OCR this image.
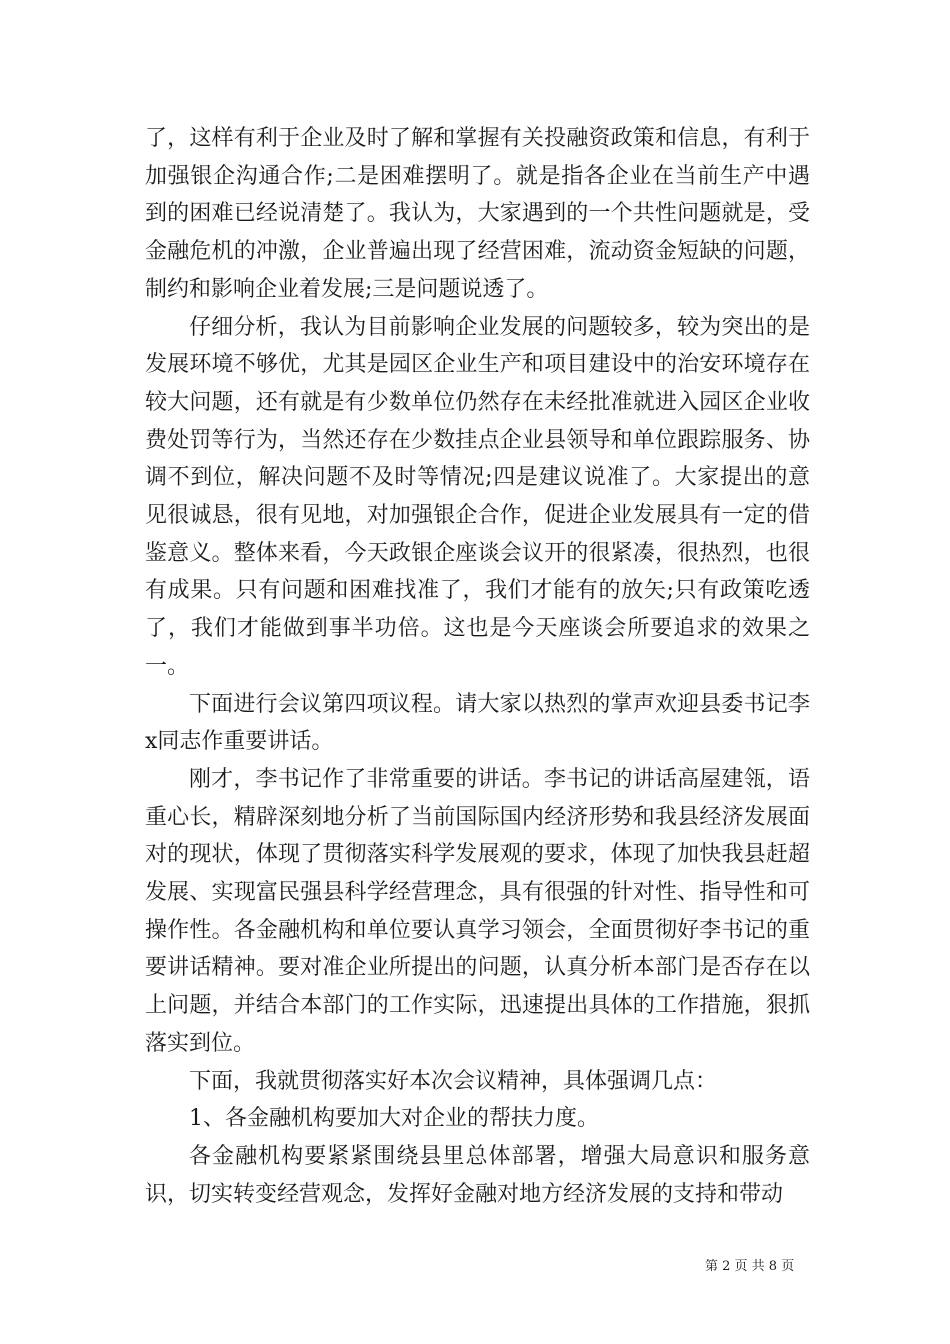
了，这样有利于企业及时了解和掌握有关投融资政策和信息，有利于加强银企沟通合作;二是困难摆明了。就是指各企业在当前生产中遇到的困难已经说清楚了。我认为，大家遇到的一个共性问题就是，受金融危机的冲激，企业普遍出现了经营困难，流动资金短缺的问题，制约和影响企业着发展;三是问题说透了。

仔细分析，我认为目前影响企业发展的问题较多，较为突出的是发展环境不够优，尤其是园区企业生产和项目建设中的治安环境存在较大问题，还有就是有少数单位仍然存在未经批准就进入园区企业收费处罚等行为，当然还存在少数挂点企业县领导和单位跟踪服务、协调不到位，解决问题不及时等情况;四是建议说准了。大家提出的意见很诚恳，很有见地，对加强银企合作，促进企业发展具有一定的借鉴意义。整体来看，今天政银企座谈会议开的很紧凑，很热烈，也很有成果。只有问题和困难找准了，我们才能有的放矢;只有政策吃透了，我们才能做到事半功倍。这也是今天座谈会所要追求的效果之一。

下面进行会议第四项议程。请大家以热烈的掌声欢迎县委书记李x同志作重要讲话。

刚才，李书记作了非常重要的讲话。李书记的讲话高屋建瓴，语重心长，精辟深刻地分析了当前国际国内经济形势和我县经济发展面对的现状，体现了贯彻落实科学发展观的要求，体现了加快我县赶超发展、实现富民强县科学经营理念，具有很强的针对性、指导性和可操作性。各金融机构和单位要认真学习领会，全面贯彻好李书记的重要讲话精神。要对准企业所提出的问题，认真分析本部门是否存在以上问题，并结合本部门的工作实际，迅速提出具体的工作措施，狠抓落实到位。

下面，我就贯彻落实好本次会议精神，具体强调几点：

1、各金融机构要加大对企业的帮扶力度。

各金融机构要紧紧围绕县里总体部署，增强大局意识和服务意识，切实转变经营观念，发挥好金融对地方经济发展的支持和带动

第 2 页 共 8 页
